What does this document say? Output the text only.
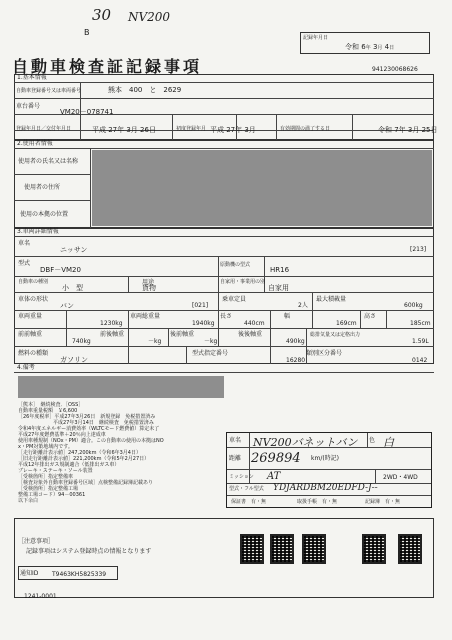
30 NV200
B
記録年月日
令和 6年 3月 4日
自動車検査証記録事項	941230068626
1.基本情報
自動車登録番号又は車両番号	熊本　400　と　2629
車台番号
VM20－078741
登録年月日／交付年月日	平成 27年 3月 26日	初度登録年月 平成 27年 3月	有効期間の満了する日	令和 7年 3月 25日
2.使用者情報
使用者の氏名又は名称
使用者の住所
使用の本拠の位置
3.車両詳細情報
車名
ニッサン	[213]
型式
DBF－VM20
原動機の型式
HR16
自動車の種別
小　型
用途
貨物
自家用・事業用の別
自家用
車体の形状
バン	[021]
乗車定員
2人
最大積載量
600kg
車両重量
1230kg
車両総重量
1940kg
長さ
440cm
幅
169cm
高さ
185cm
前前軸重
740kg
前後軸重
－kg
後前軸重
－kg
後後軸重
490kg
総排気量又は定格出力
1.59L
燃料の種類
ガソリン
型式指定番号
16280
類別区分番号
0142
4.備考
［熊本］　継続検査．［OSS］
自動車重量税額　￥6,600
［26年度税率］平成27年3月26日　新規登録　免税措置済み
　　　　　　　平成27年3月14日　継続検査　免税措置済み
令和4年度エネルギー消費効率（WLTCモード燃費値）算定未了
平成27年度燃費基準＋20％向上達成車
使用車種規制（NOx・PM）適合。この自動車の使用の本拠はNO
x・PM対策地域内です。
［走行距離計表示値］247,200km（令和6年3月4日）
［旧走行距離計表示値］221,200km（令和5年2月27日）
平成12年排出ガス規制適合（低排出ガス車）
ブレーキ・ステーキ・ソール装置
［受検箇所］指定整備車
［検査対象外自動車登録番号区域］点検整備記録簿記載あり
［受検箇所］指定整備工場
整備工場コード）94－00361
以下余白
車名 NV200バネットバン 色 白
距離 269894 km/(時記)
ミッション AT	2WD・4WD
型式・フル型式 YDJARDBM20EDFD-J--
保証書　有・無	取扱手帳　有・無	記録簿　有・無
［注意事項］
記録事項はシステム登録時点の情報となります
通知ID T9463KH5825339
1241-0001
